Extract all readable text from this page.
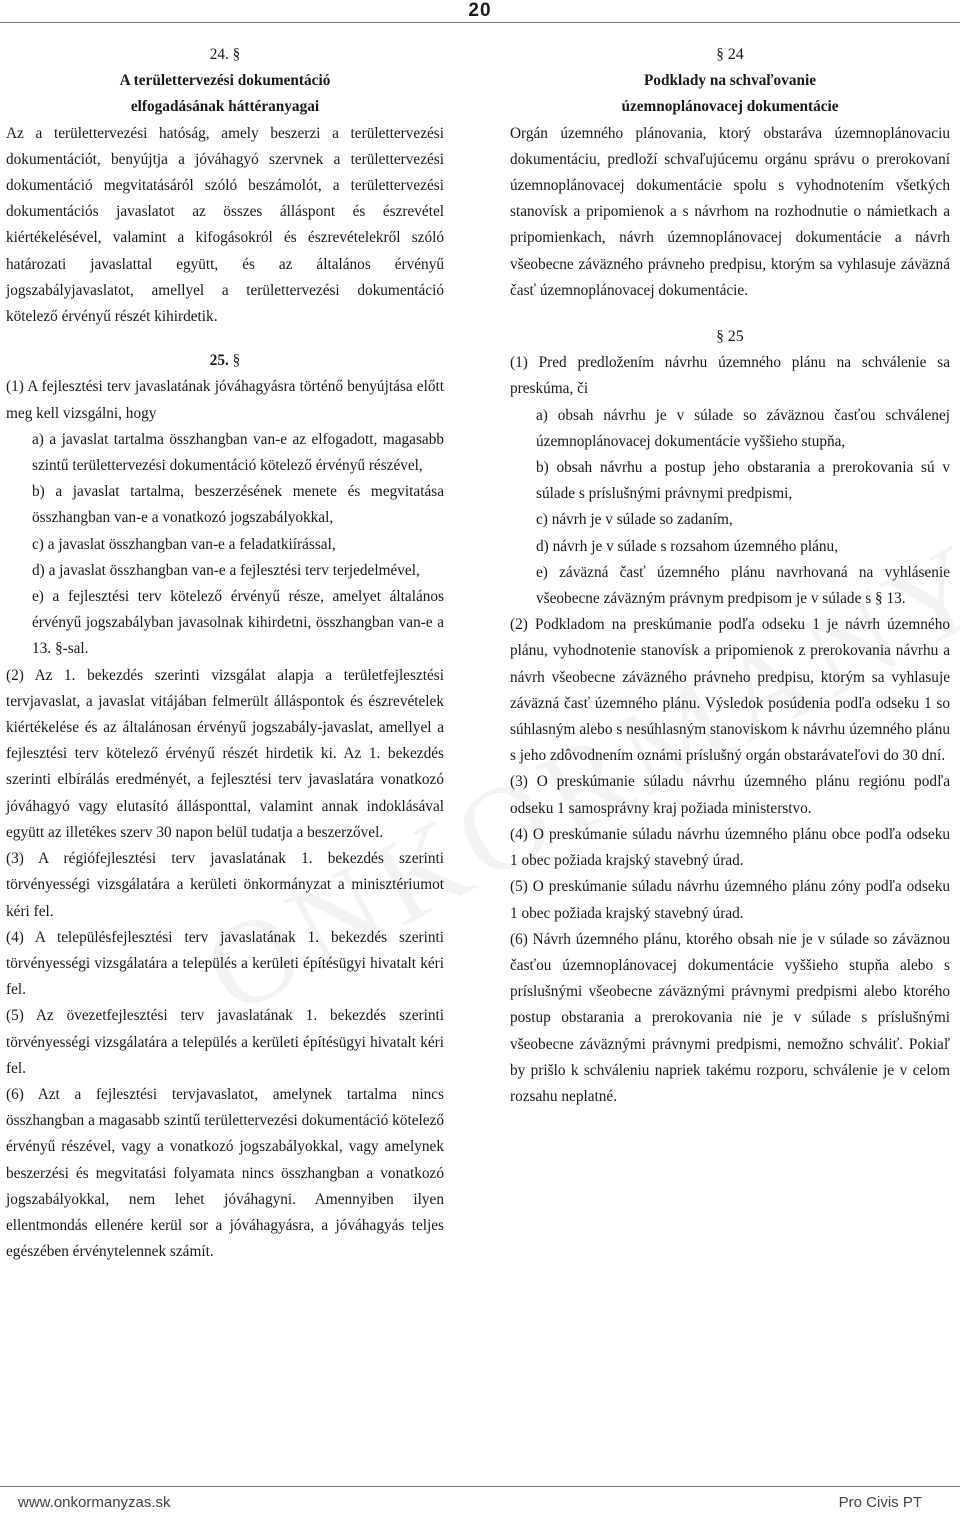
20
24. §
A területtervezési dokumentáció
elfogadásának háttéranyagai

Az a területtervezési hatóság, amely beszerzi a területtervezési dokumentációt, benyújtja a jóváhagyó szervnek a területtervezési dokumentáció megvitatásáról szóló beszámolót, a területtervezési dokumentációs javaslatot az összes álláspont és észrevétel kiértékelésével, valamint a kifogásokról és észrevételekről szóló határozati javaslattal együtt, és az általános érvényű jogszabályjavaslatot, amellyel a területtervezési dokumentáció kötelező érvényű részét kihirdetik.

25. §

(1) A fejlesztési terv javaslatának jóváhagyásra történő benyújtása előtt meg kell vizsgálni, hogy

a) a javaslat tartalma összhangban van-e az elfogadott, magasabb szintű területtervezési dokumentáció kötelező érvényű részével,

b) a javaslat tartalma, beszerzésének menete és megvitatása összhangban van-e a vonatkozó jogszabályokkal,

c) a javaslat összhangban van-e a feladatkiírással,

d) a javaslat összhangban van-e a fejlesztési terv terjedelmével,

e) a fejlesztési terv kötelező érvényű része, amelyet általános érvényű jogszabályban javasolnak kihirdetni, összhangban van-e a 13. §-sal.

(2) Az 1. bekezdés szerinti vizsgálat alapja a területfejlesztési tervjavaslat, a javaslat vitájában felmerült álláspontok és észrevételek kiértékelése és az általánosan érvényű jogszabály-javaslat, amellyel a fejlesztési terv kötelező érvényű részét hirdetik ki. Az 1. bekezdés szerinti elbírálás eredményét, a fejlesztési terv javaslatára vonatkozó jóváhagyó vagy elutasító állásponttal, valamint annak indoklásával együtt az illetékes szerv 30 napon belül tudatja a beszerzővel.

(3) A régiófejlesztési terv javaslatának 1. bekezdés szerinti törvényességi vizsgálatára a kerületi önkormányzat a minisztériumot kéri fel.

(4) A településfejlesztési terv javaslatának 1. bekezdés szerinti törvényességi vizsgálatára a település a kerületi építésügyi hivatalt kéri fel.

(5) Az övezetfejlesztési terv javaslatának 1. bekezdés szerinti törvényességi vizsgálatára a település a kerületi építésügyi hivatalt kéri fel.

(6) Azt a fejlesztési tervjavaslatot, amelynek tartalma nincs összhangban a magasabb szintű területtervezési dokumentáció kötelező érvényű részével, vagy a vonatkozó jogszabályokkal, vagy amelynek beszerzési és megvitatási folyamata nincs összhangban a vonatkozó jogszabályokkal, nem lehet jóváhagyni. Amennyiben ilyen ellentmondás ellenére kerül sor a jóváhagyásra, a jóváhagyás teljes egészében érvénytelennek számít.

§ 24
Podklady na schvaľovanie
územnoplánovacej dokumentácie

Orgán územného plánovania, ktorý obstaráva územnoplánovaciu dokumentáciu, predloží schvaľujúcemu orgánu správu o prerokovaní územnoplánovacej dokumentácie spolu s vyhodnotením všetkých stanovísk a pripomienok a s návrhom na rozhodnutie o námietkach a pripomienkach, návrh územnoplánovacej dokumentácie a návrh všeobecne záväzného právneho predpisu, ktorým sa vyhlasuje záväzná časť územnoplánovacej dokumentácie.

§ 25

(1) Pred predložením návrhu územného plánu na schválenie sa preskúma, či

a) obsah návrhu je v súlade so záväznou časťou schválenej územnoplánovacej dokumentácie vyššieho stupňa,

b) obsah návrhu a postup jeho obstarania a prerokovania sú v súlade s príslušnými právnymi predpismi,

c) návrh je v súlade so zadaním,

d) návrh je v súlade s rozsahom územného plánu,

e) záväzná časť územného plánu navrhovaná na vyhlásenie všeobecne záväzným právnym predpisom je v súlade s § 13.

(2) Podkladom na preskúmanie podľa odseku 1 je návrh územného plánu, vyhodnotenie stanovísk a pripomienok z prerokovania návrhu a návrh všeobecne záväzného právneho predpisu, ktorým sa vyhlasuje záväzná časť územného plánu. Výsledok posúdenia podľa odseku 1 so súhlasným alebo s nesúhlasným stanoviskom k návrhu územného plánu s jeho zdôvodnením oznámi príslušný orgán obstarávateľovi do 30 dní.

(3) O preskúmanie súladu návrhu územného plánu regiónu podľa odseku 1 samosprávny kraj požiada ministerstvo.

(4) O preskúmanie súladu návrhu územného plánu obce podľa odseku 1 obec požiada krajský stavebný úrad.

(5) O preskúmanie súladu návrhu územného plánu zóny podľa odseku 1 obec požiada krajský stavebný úrad.

(6) Návrh územného plánu, ktorého obsah nie je v súlade so záväznou časťou územnoplánovacej dokumentácie vyššieho stupňa alebo s príslušnými všeobecne záväznými právnymi predpismi alebo ktorého postup obstarania a prerokovania nie je v súlade s príslušnými všeobecne záväznými právnymi predpismi, nemožno schváliť. Pokiaľ by prišlo k schváleniu napriek takému rozporu, schválenie je v celom rozsahu neplatné.

www.onkormanyzas.sk	Pro Civis PT
